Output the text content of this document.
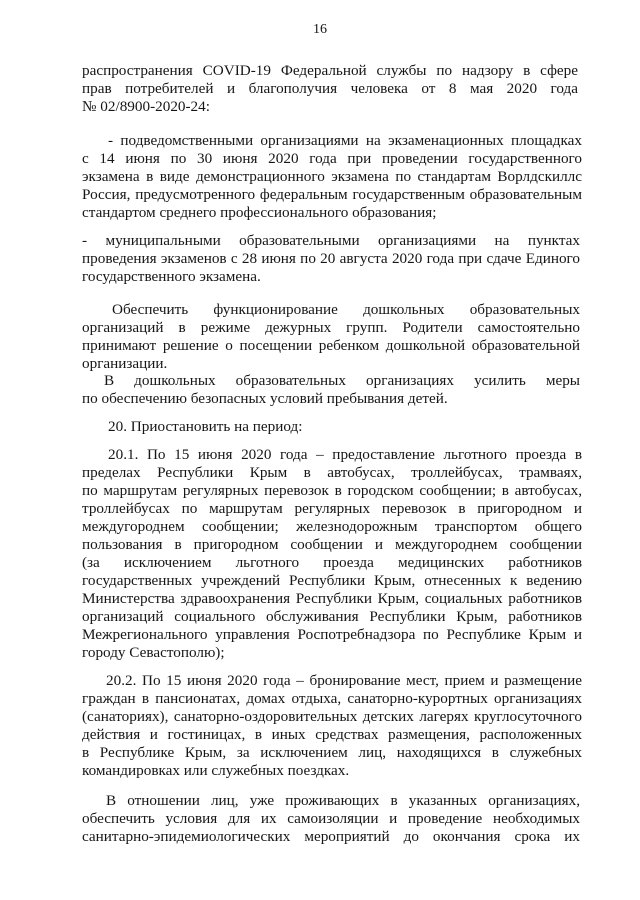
16
распространения COVID-19 Федеральной службы по надзору в сфере
прав потребителей и благополучия человека от 8 мая 2020 года
№ 02/8900-2020-24:
- подведомственными организациями на экзаменационных площадках
с 14 июня по 30 июня 2020 года при проведении государственного
экзамена в виде демонстрационного экзамена по стандартам Ворлдскиллс
Россия, предусмотренного федеральным государственным образовательным
стандартом среднего профессионального образования;
- муниципальными образовательными организациями на пунктах
проведения экзаменов с 28 июня по 20 августа 2020 года при сдаче Единого
государственного экзамена.
Обеспечить функционирование дошкольных образовательных
организаций в режиме дежурных групп. Родители самостоятельно
принимают решение о посещении ребенком дошкольной образовательной
организации.
В дошкольных образовательных организациях усилить меры
по обеспечению безопасных условий пребывания детей.
20. Приостановить на период:
20.1. По 15 июня 2020 года – предоставление льготного проезда в
пределах Республики Крым в автобусах, троллейбусах, трамваях,
по маршрутам регулярных перевозок в городском сообщении; в автобусах,
троллейбусах по маршрутам регулярных перевозок в пригородном и
междугороднем сообщении; железнодорожным транспортом общего
пользования в пригородном сообщении и междугороднем сообщении
(за исключением льготного проезда медицинских работников
государственных учреждений Республики Крым, отнесенных к ведению
Министерства здравоохранения Республики Крым, социальных работников
организаций социального обслуживания Республики Крым, работников
Межрегионального управления Роспотребнадзора по Республике Крым и
городу Севастополю);
20.2. По 15 июня 2020 года – бронирование мест, прием и размещение
граждан в пансионатах, домах отдыха, санаторно-курортных организациях
(санаториях), санаторно-оздоровительных детских лагерях круглосуточного
действия и гостиницах, в иных средствах размещения, расположенных
в Республике Крым, за исключением лиц, находящихся в служебных
командировках или служебных поездках.
В отношении лиц, уже проживающих в указанных организациях,
обеспечить условия для их самоизоляции и проведение необходимых
санитарно-эпидемиологических мероприятий до окончания срока их
